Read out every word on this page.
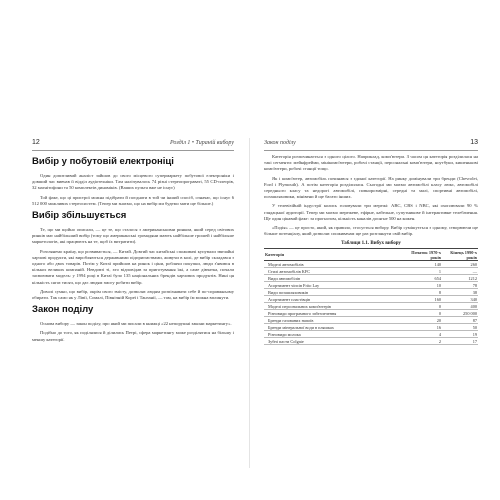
12	Розділ 1 • Тираній вибору
Вибір у побутовій електроніці

Один допитливий аналіст зайшов до свого місцевого супермаркету побутової електроніки і довший час вивчав її відділ аудіотехніки. Там налічувалось 74 різні стереопрограваті, 55 CD-плеєрів, 32 магнітофони та 50 комплектів динаміків. (Ваших пульта вже не існує)

Той факт, що ці пристрої можна підібрати й поєднати в той чи інший спосіб, означає, що існує 6 512 000 можливих стереосистем. (Тепер ми знаємо, що на вибір ми будемо мати ще більше.)

Вибір збільшується

Те, що ми щойно описали, — це те, що сталося з американськими ринком, який серед світових ринків має найбільший вибір (тому що американські громадяни мають найбільше грошей і найбільше маркетологів, які працюють на те, щоб їх витратити).

Розглянемо країну, що розвивається, — Китай. Довгий час китайські споживачі купували звичайні харчові продукти, які виробляються державними підприємствами, живучи в колі, де вибір складався з одного або двох товарів. Потім у Китаї прийшов на ринок і ціни, роблячи покупки, люди з'явився в кількох великих компаній. Невдовзі ті, хто відповідав за приготування їжі, а саме дівчатка, почали засвоювати модель: у 1994 році в Китаї було 135 національних брендів харчових продуктів. Нині ця кількість сягає тисяч, що дає людям змогу робити вибір.

Доволі сумно, що вибір, окрім свого змісту, дозволяє людям розпізнавати себе й по-справжньому обирати. Так само як у Лівії, Сомалі, Північній Кореї і Танзанії, — там, на вибір їм можна вплинути.

Закон поділу

Основа вибору — закон поділу, про який ми писали в книжці «22 непорушні закони маркетингу».

Подібно до того, як поділялися й ділились Петрі, сфера маркетингу може розділятися на більшу і меншу категорії.

Закон поділу	13

Категорія розпочинається з одного цілого. Наприклад, комп'ютери. З часом ця категорія розділилася на такі сегменти: мейнфрейми, мінікомп'ютери, робочі станції, персональні комп'ютери, ноутбуки, кишенькові комп'ютери, робочі станції тощо.

Як і комп'ютер, автомобіль починався з єдиної категорії. На ринку домінували три бренди (Chevrolet, Ford і Plymouth). А потім категорія розділилася. Сьогодні ми маємо автомобілі класу люкс, автомобілі середнього класу та недорогі автомобілі, повнорозмірні, середні та малі, спортивні автомобілі, позашляховики, мінівени й ще багато інших.

У телевізійній індустрії колись головували три мережі: ABC, CBS і NBC, які охоплювали 90 % глядацької аудиторії. Тепер ми маємо мережеве, ефірне, кабельне, супутникове й інтерактивне телебачення. Ще один цікавий факт: за прогнозом, кількість каналів досягне 500 на кожен.

«Подія» — це просто, який, як правило, стосується вибору. Вибір сумішується з одному, створюючи ще більше потенціалу, який дозволяє споживачам ще раз розглянути свій вибір.

Таблиця 1.1. Вибух вибору
Категорія	Початок 1970-х років	Кінець 1990-х років
Моделі автомобілів	140	260
Стилі автомобілів KFC	1	—
Види автомобілів	654	1212
Асортимент чіпсів Frito Lay	10	78
Види позашляховиків	8	38
Асортимент пластівців	160	340
Моделі персональних комп'ютерів	0	400
Різновиди програмного забезпечення	0	250 000
Бренди газованих напоїв	20	87
Бренди мінеральної води в пляшках	16	50
Різновиди молока	4	19
Зубні пасти Colgate	2	17
